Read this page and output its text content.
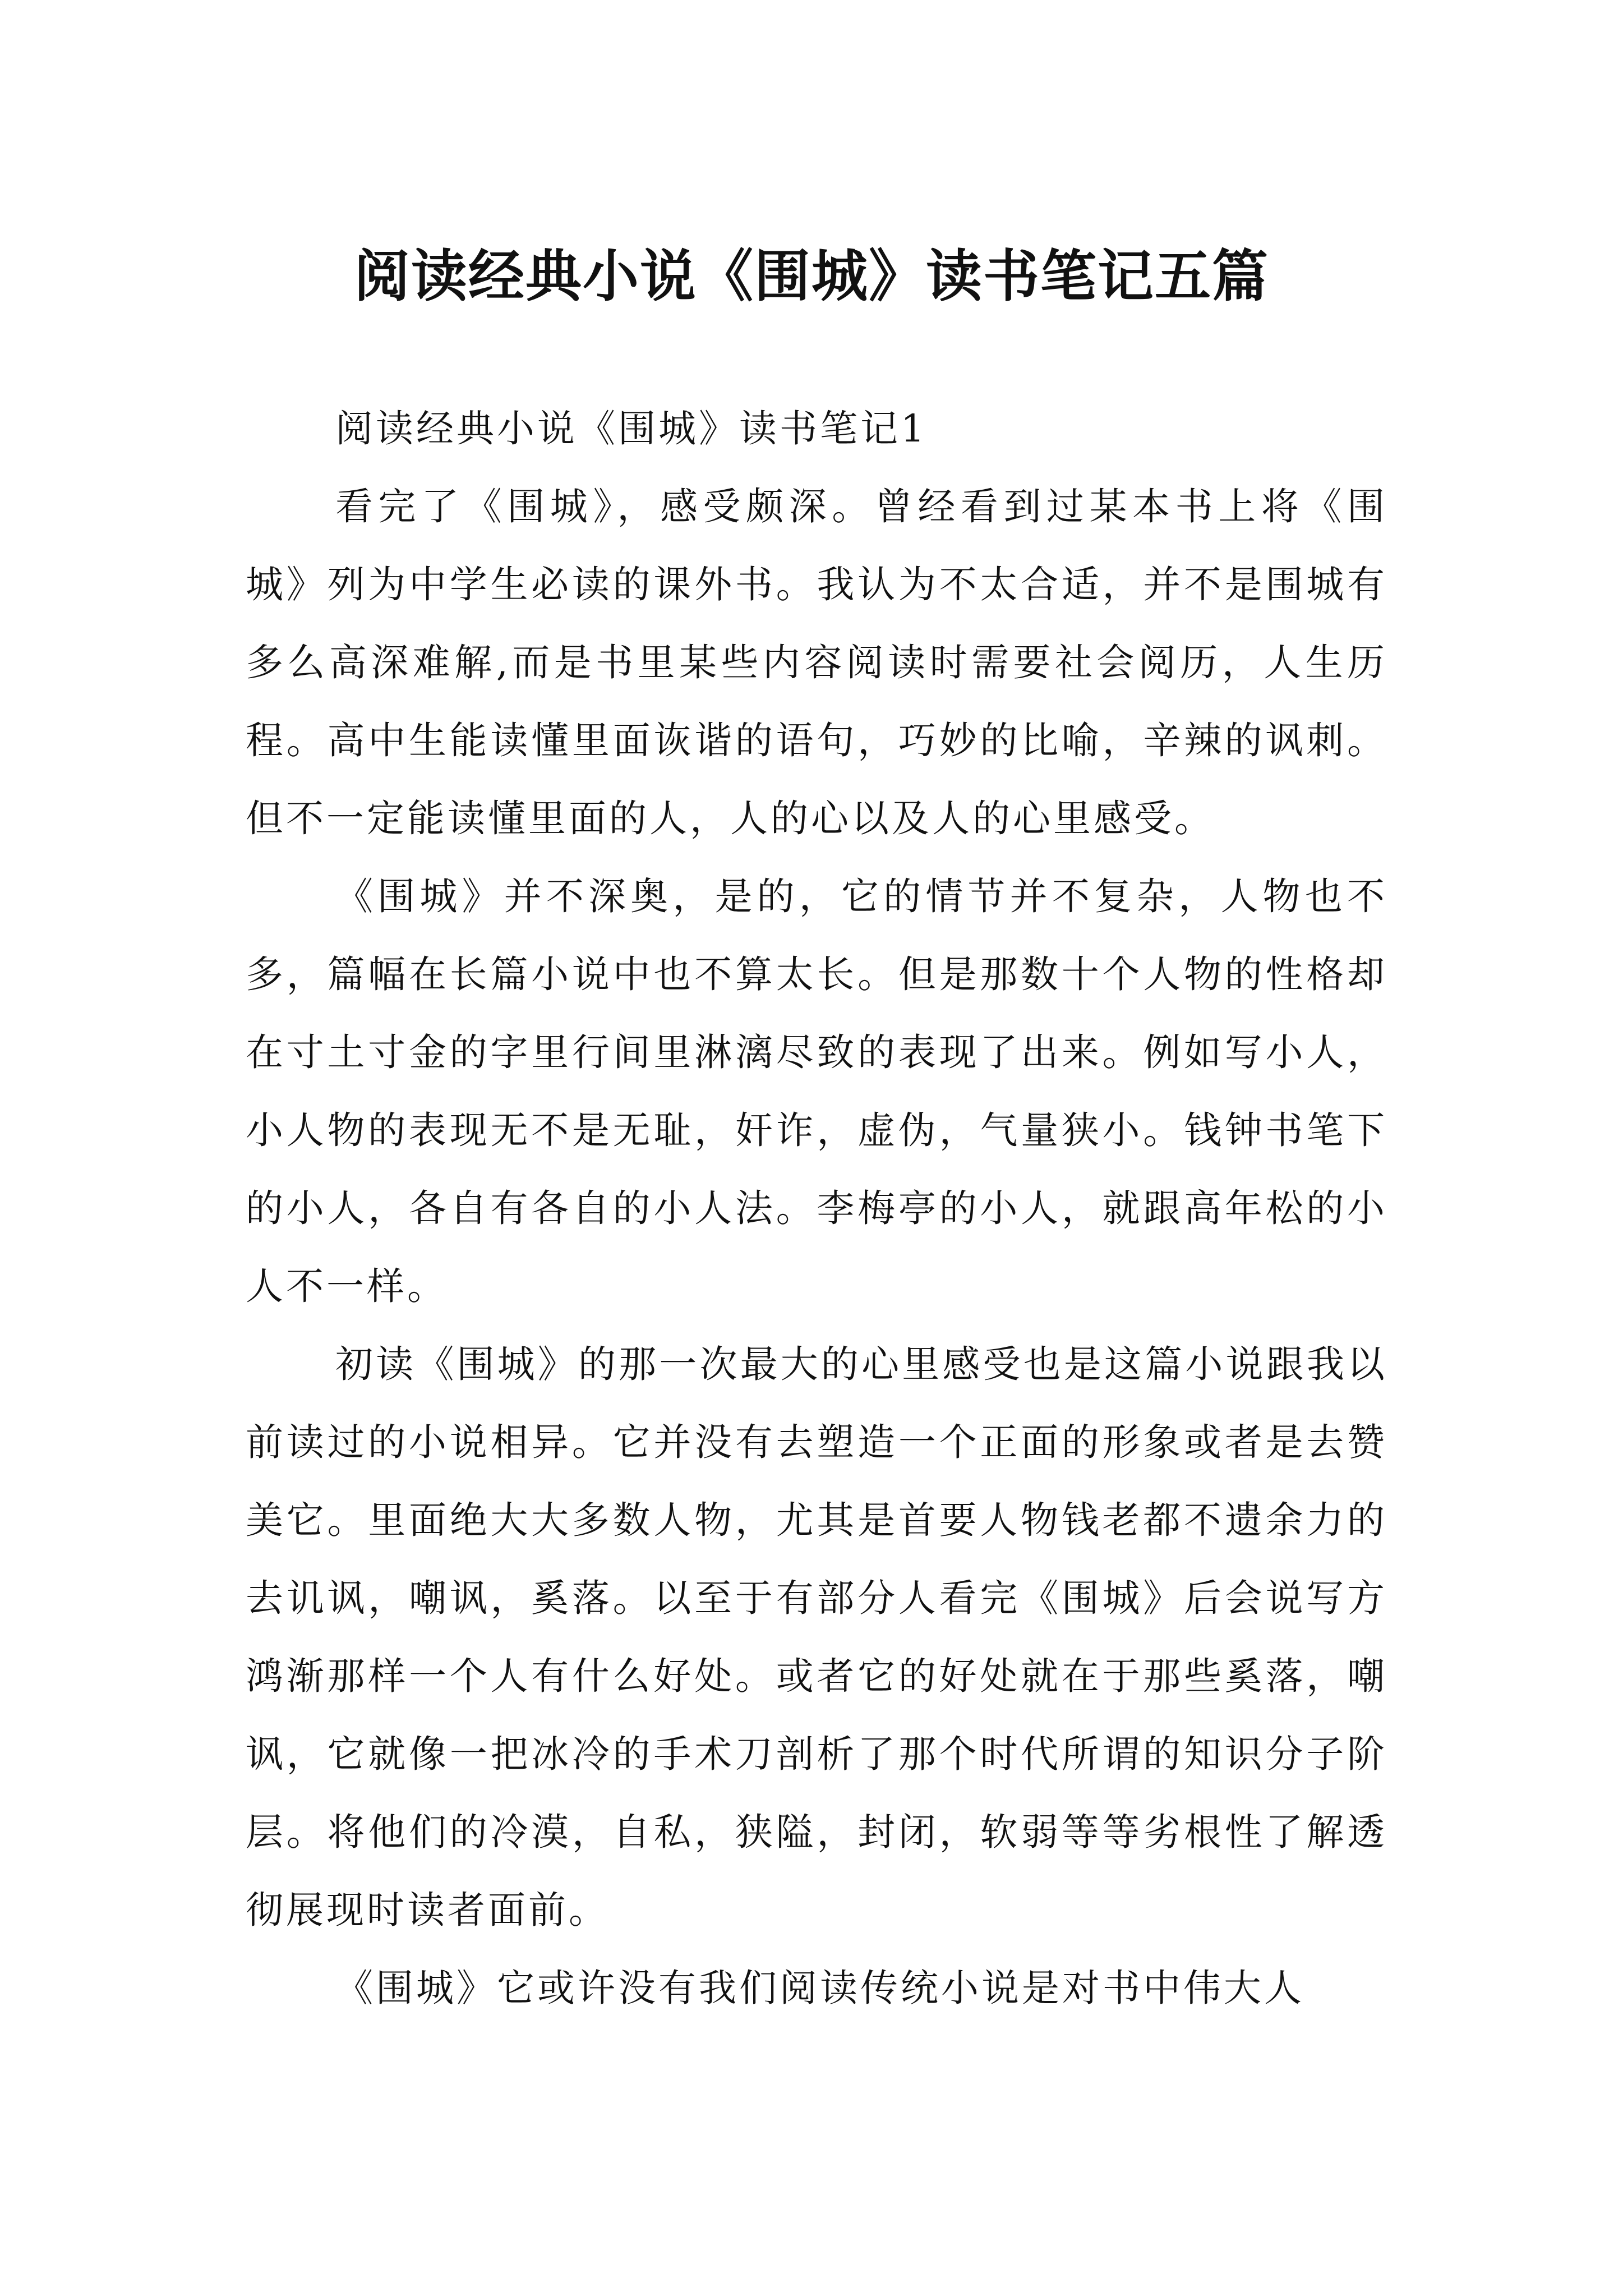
阅读经典小说《围城》读书笔记五篇

阅读经典小说《围城》读书笔记1

看完了《围城》，感受颇深。曾经看到过某本书上将《围城》列为中学生必读的课外书。我认为不太合适，并不是围城有多么高深难解,而是书里某些内容阅读时需要社会阅历，人生历程。高中生能读懂里面诙谐的语句，巧妙的比喻，辛辣的讽刺。但不一定能读懂里面的人，人的心以及人的心里感受。

《围城》并不深奥，是的，它的情节并不复杂，人物也不多，篇幅在长篇小说中也不算太长。但是那数十个人物的性格却在寸土寸金的字里行间里淋漓尽致的表现了出来。例如写小人，小人物的表现无不是无耻，奸诈，虚伪，气量狭小。钱钟书笔下的小人，各自有各自的小人法。李梅亭的小人，就跟高年松的小人不一样。

初读《围城》的那一次最大的心里感受也是这篇小说跟我以前读过的小说相异。它并没有去塑造一个正面的形象或者是去赞美它。里面绝大大多数人物，尤其是首要人物钱老都不遗余力的去讥讽，嘲讽，奚落。以至于有部分人看完《围城》后会说写方鸿渐那样一个人有什么好处。或者它的好处就在于那些奚落，嘲讽，它就像一把冰冷的手术刀剖析了那个时代所谓的知识分子阶层。将他们的冷漠，自私，狭隘，封闭，软弱等等劣根性了解透彻展现时读者面前。

《围城》它或许没有我们阅读传统小说是对书中伟大人
